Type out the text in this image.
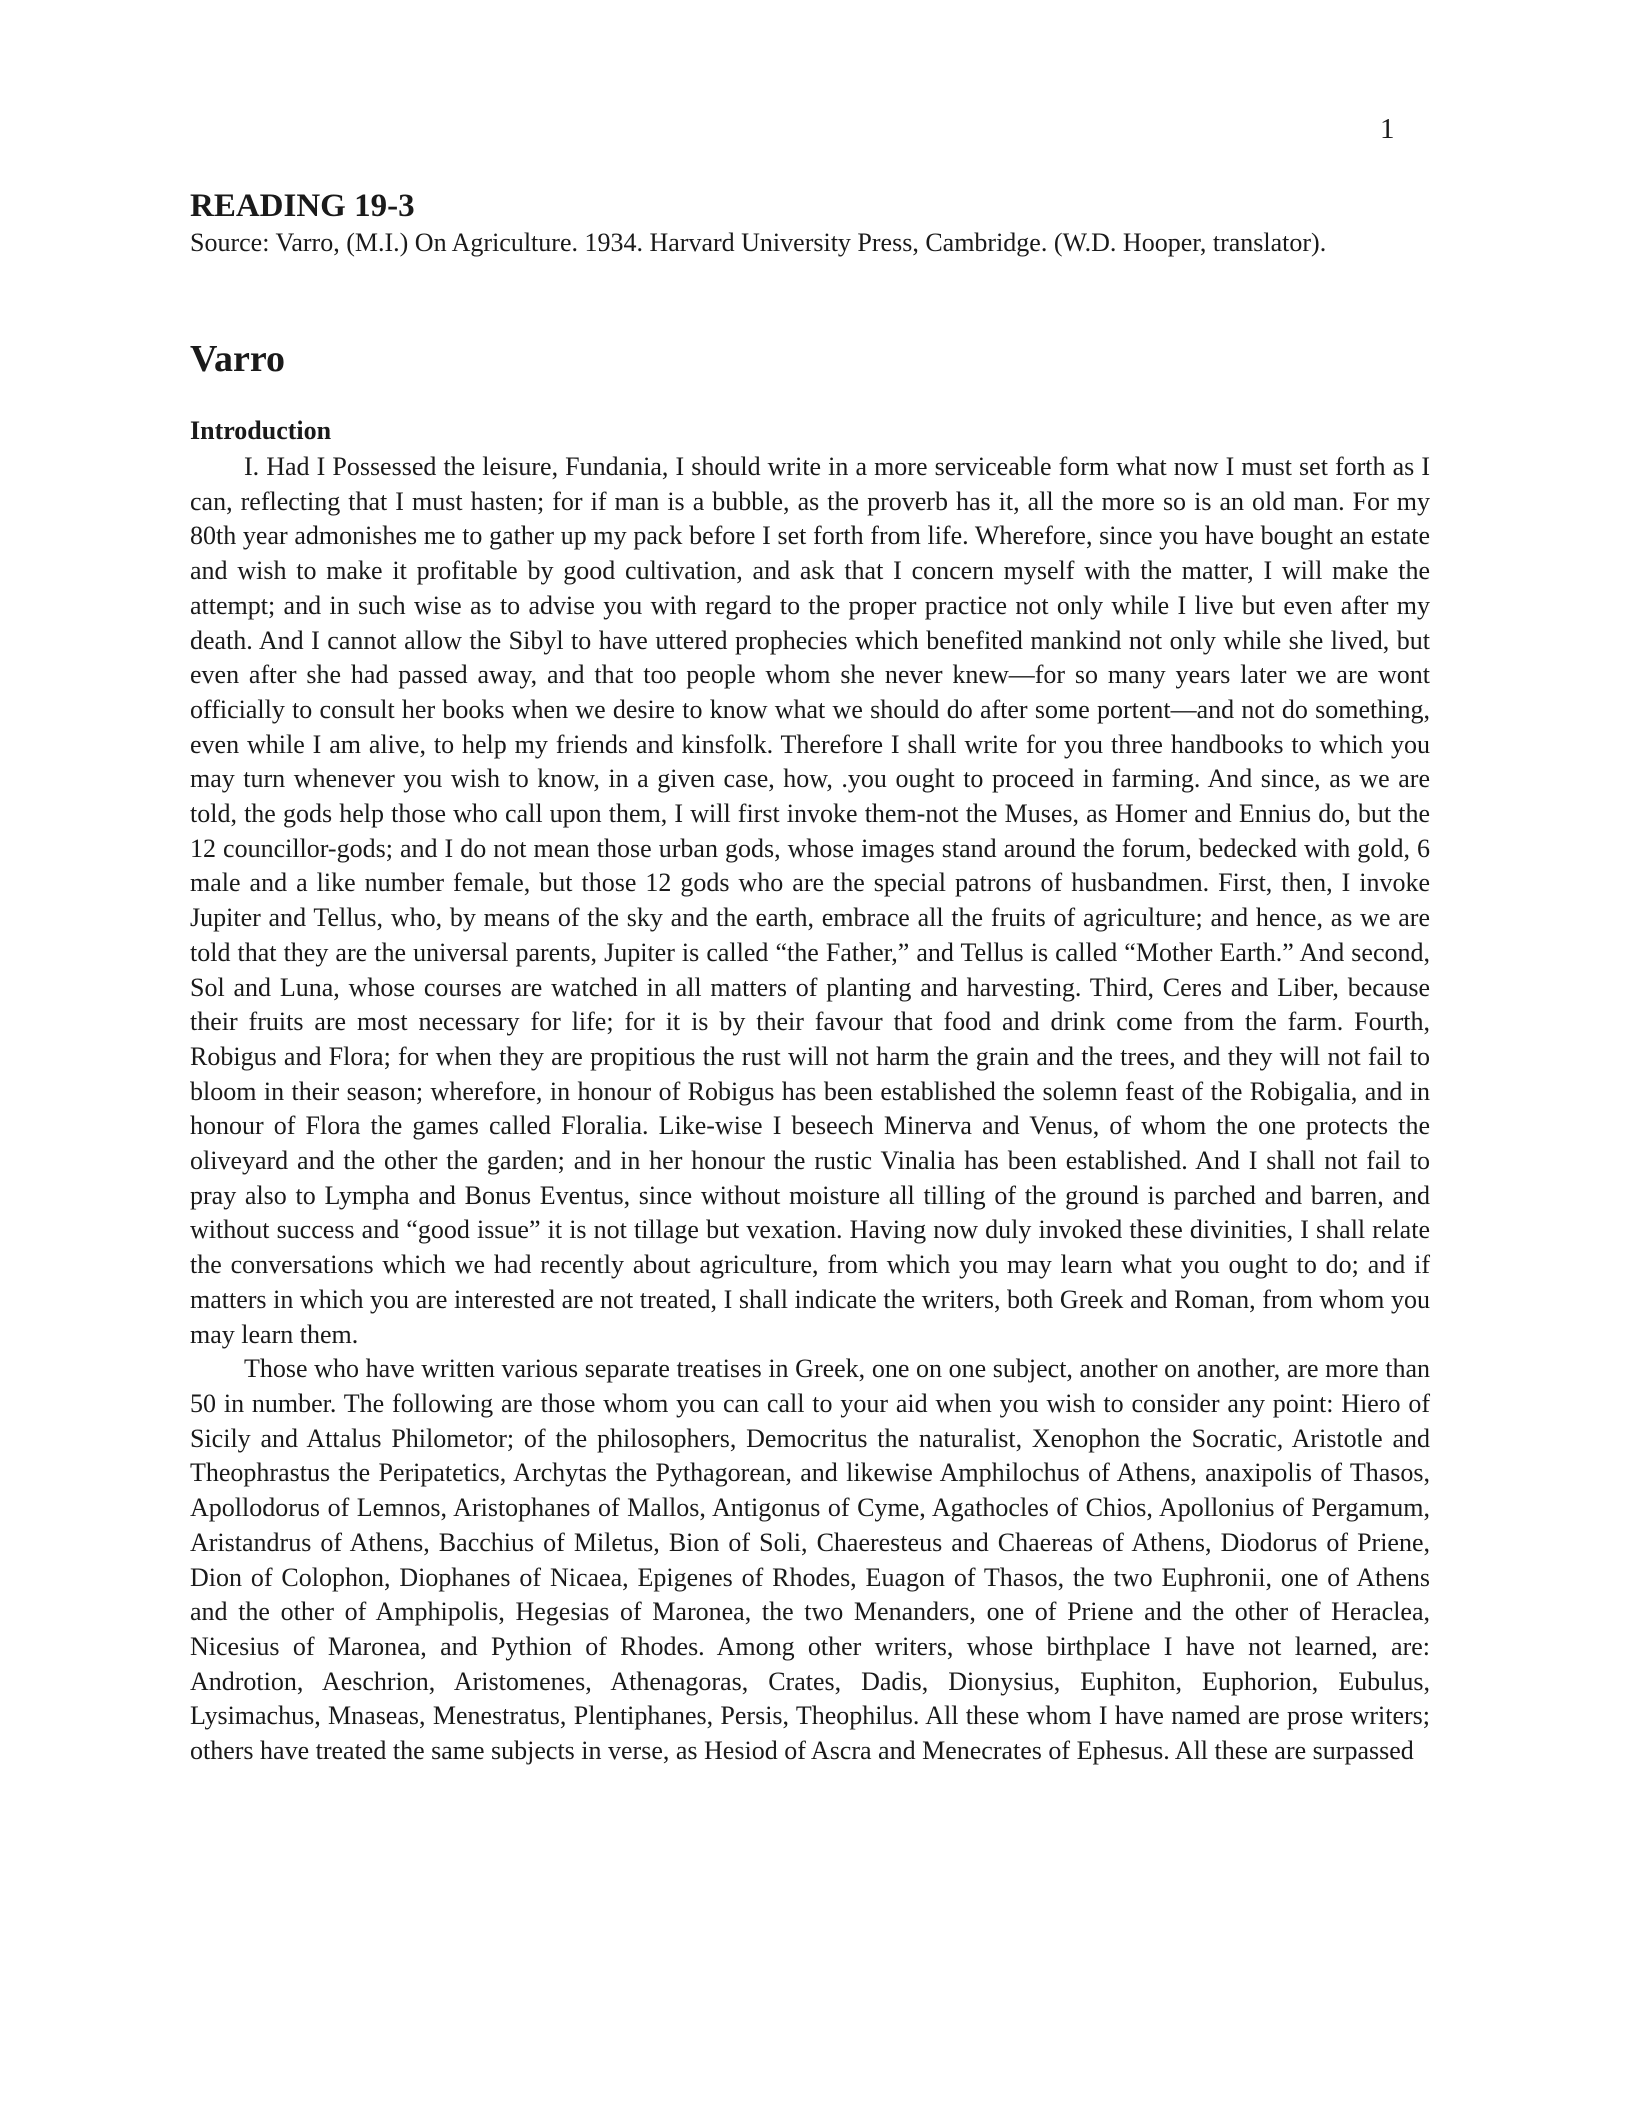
1
READING 19-3
Source: Varro, (M.I.) On Agriculture. 1934. Harvard University Press, Cambridge. (W.D. Hooper, translator).
Varro
Introduction

I. Had I Possessed the leisure, Fundania, I should write in a more serviceable form what now I must set forth as I can, reflecting that I must hasten; for if man is a bubble, as the proverb has it, all the more so is an old man. For my 80th year admonishes me to gather up my pack before I set forth from life. Wherefore, since you have bought an estate and wish to make it profitable by good cultivation, and ask that I concern myself with the matter, I will make the attempt; and in such wise as to advise you with regard to the proper practice not only while I live but even after my death. And I cannot allow the Sibyl to have uttered prophecies which benefited mankind not only while she lived, but even after she had passed away, and that too people whom she never knew—for so many years later we are wont officially to consult her books when we desire to know what we should do after some portent—and not do something, even while I am alive, to help my friends and kinsfolk. Therefore I shall write for you three handbooks to which you may turn whenever you wish to know, in a given case, how, .you ought to proceed in farming. And since, as we are told, the gods help those who call upon them, I will first invoke them-not the Muses, as Homer and Ennius do, but the 12 councillor-gods; and I do not mean those urban gods, whose images stand around the forum, bedecked with gold, 6 male and a like number female, but those 12 gods who are the special patrons of husbandmen. First, then, I invoke Jupiter and Tellus, who, by means of the sky and the earth, embrace all the fruits of agriculture; and hence, as we are told that they are the universal parents, Jupiter is called “the Father,” and Tellus is called “Mother Earth.” And second, Sol and Luna, whose courses are watched in all matters of planting and harvesting. Third, Ceres and Liber, because their fruits are most necessary for life; for it is by their favour that food and drink come from the farm. Fourth, Robigus and Flora; for when they are propitious the rust will not harm the grain and the trees, and they will not fail to bloom in their season; wherefore, in honour of Robigus has been established the solemn feast of the Robigalia, and in honour of Flora the games called Floralia. Like-wise I beseech Minerva and Venus, of whom the one protects the oliveyard and the other the garden; and in her honour the rustic Vinalia has been established. And I shall not fail to pray also to Lympha and Bonus Eventus, since without moisture all tilling of the ground is parched and barren, and without success and “good issue” it is not tillage but vexation. Having now duly invoked these divinities, I shall relate the conversations which we had recently about agriculture, from which you may learn what you ought to do; and if matters in which you are interested are not treated, I shall indicate the writers, both Greek and Roman, from whom you may learn them.

Those who have written various separate treatises in Greek, one on one subject, another on another, are more than 50 in number. The following are those whom you can call to your aid when you wish to consider any point: Hiero of Sicily and Attalus Philometor; of the philosophers, Democritus the naturalist, Xenophon the Socratic, Aristotle and Theophrastus the Peripatetics, Archytas the Pythagorean, and likewise Amphilochus of Athens, anaxipolis of Thasos, Apollodorus of Lemnos, Aristophanes of Mallos, Antigonus of Cyme, Agathocles of Chios, Apollonius of Pergamum, Aristandrus of Athens, Bacchius of Miletus, Bion of Soli, Chaeresteus and Chaereas of Athens, Diodorus of Priene, Dion of Colophon, Diophanes of Nicaea, Epigenes of Rhodes, Euagon of Thasos, the two Euphronii, one of Athens and the other of Amphipolis, Hegesias of Maronea, the two Menanders, one of Priene and the other of Heraclea, Nicesius of Maronea, and Pythion of Rhodes. Among other writers, whose birthplace I have not learned, are: Androtion, Aeschrion, Aristomenes, Athenagoras, Crates, Dadis, Dionysius, Euphiton, Euphorion, Eubulus, Lysimachus, Mnaseas, Menestratus, Plentiphanes, Persis, Theophilus. All these whom I have named are prose writers; others have treated the same subjects in verse, as Hesiod of Ascra and Menecrates of Ephesus. All these are surpassed
